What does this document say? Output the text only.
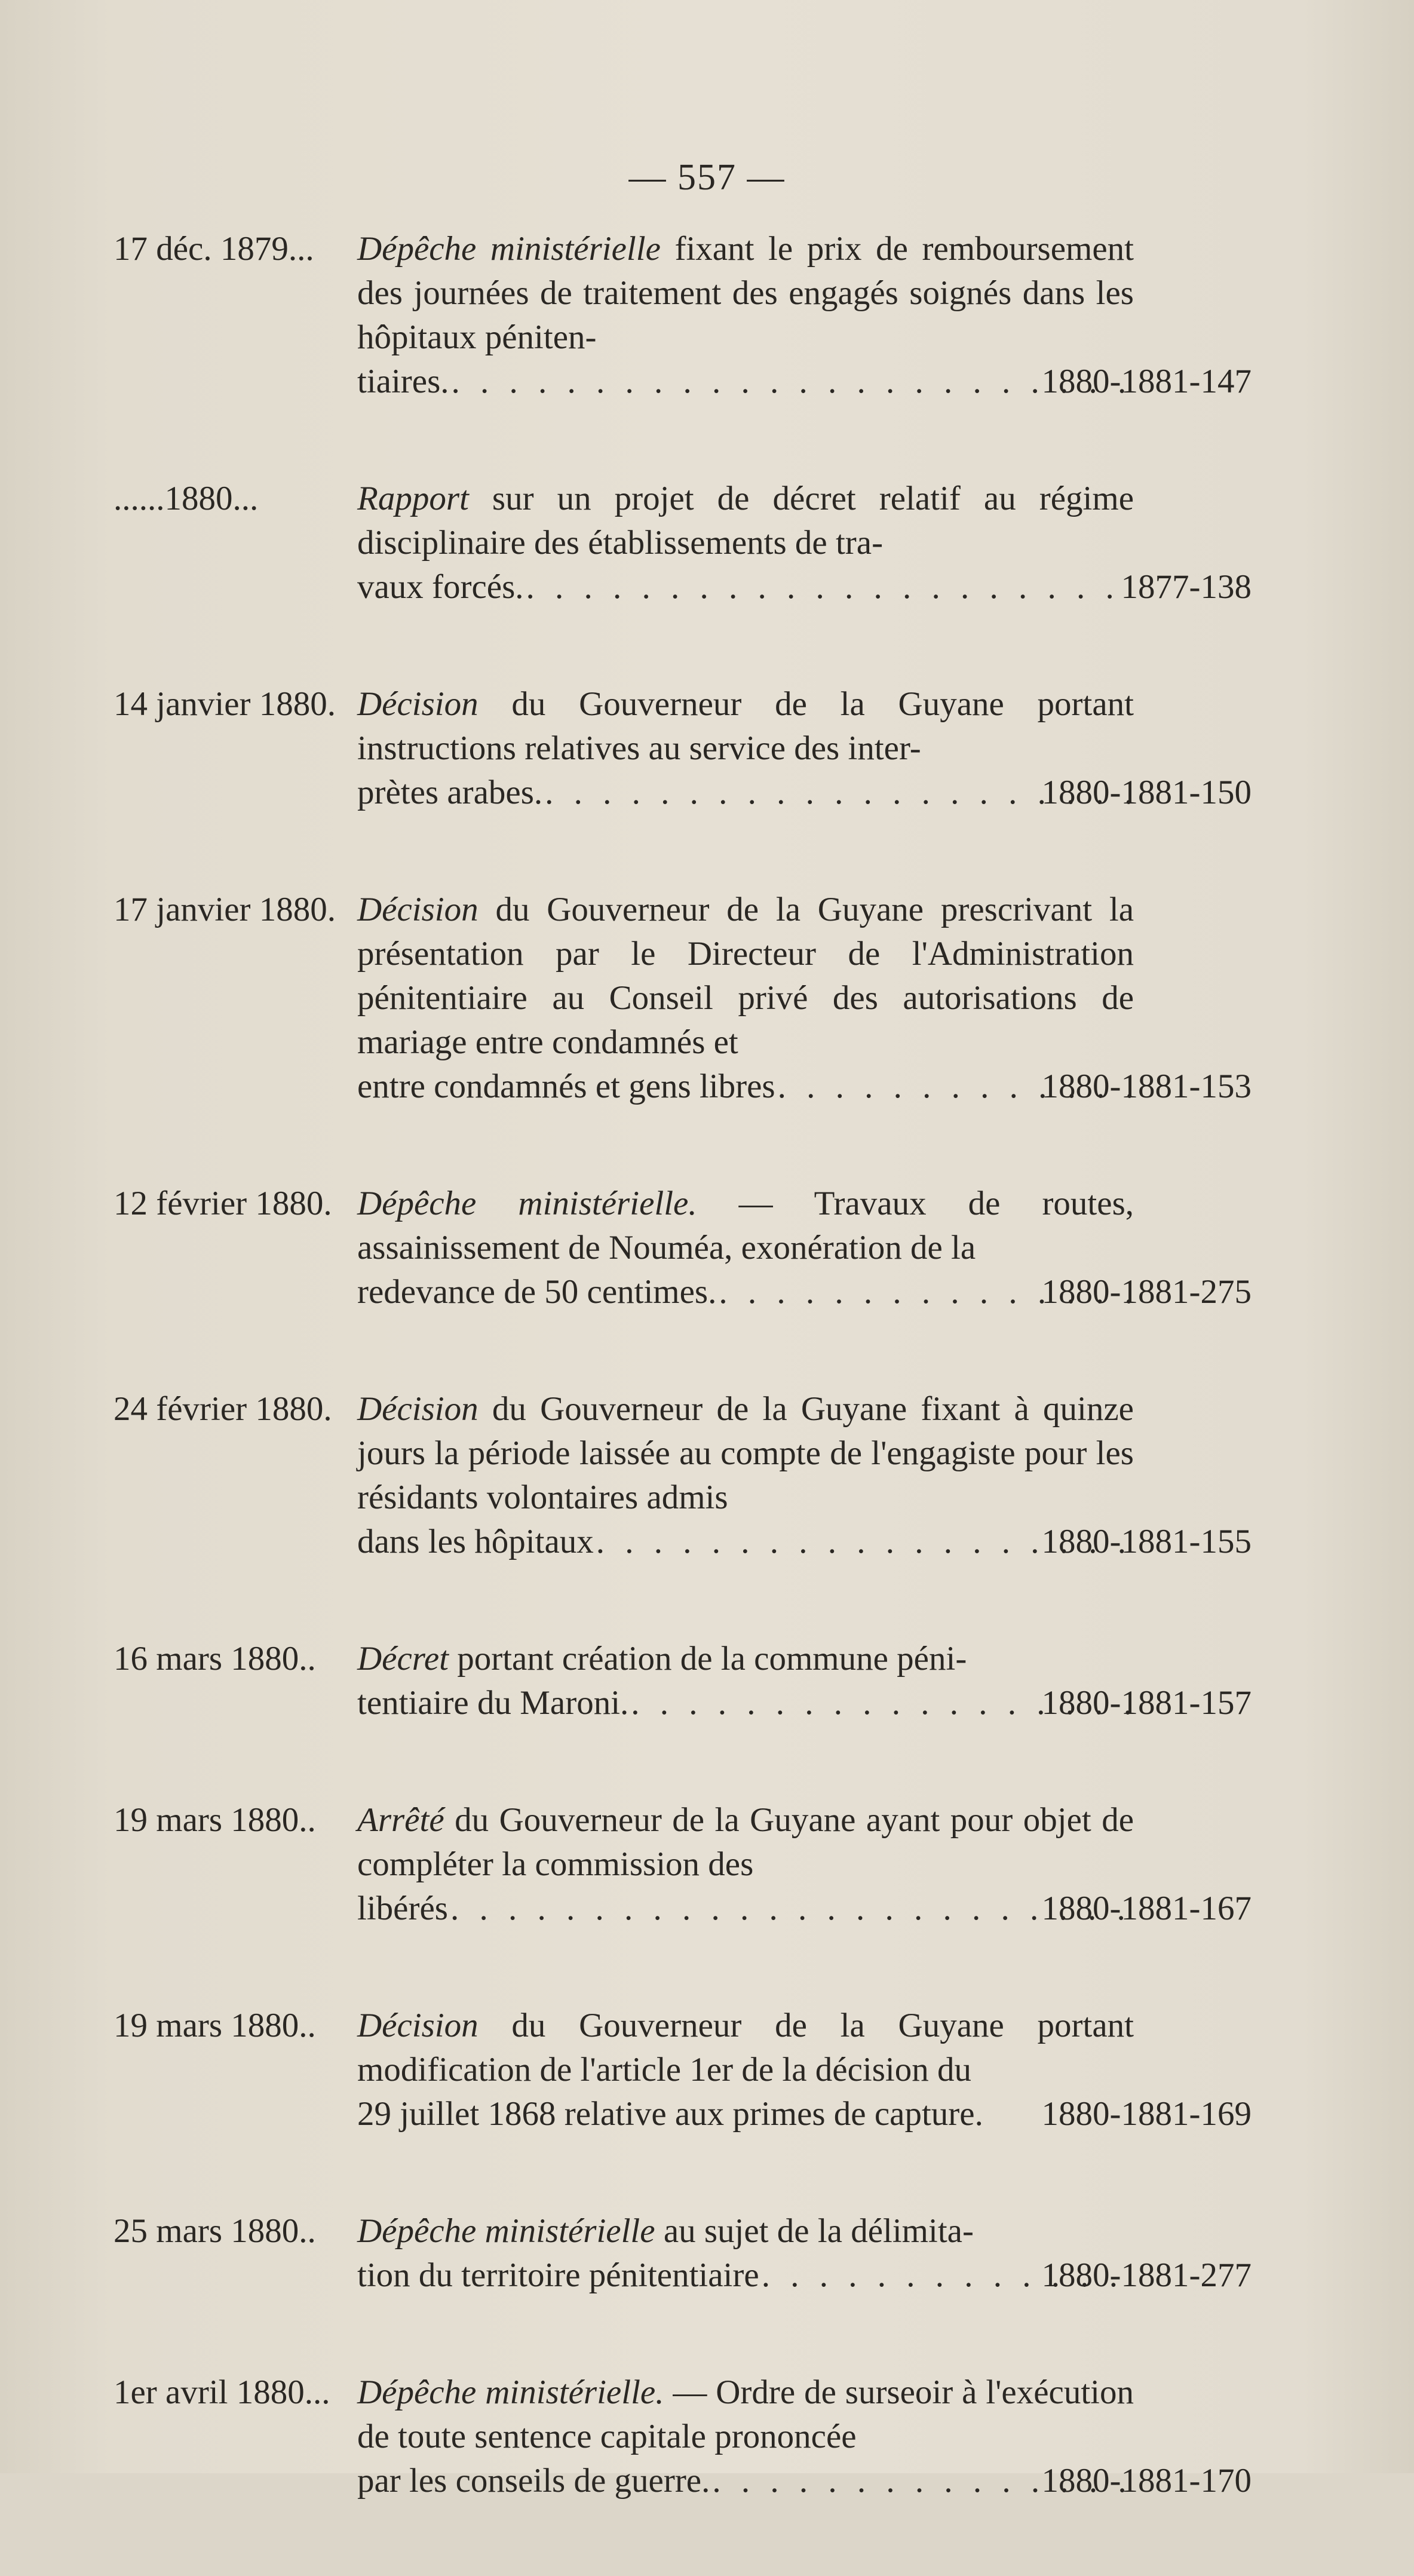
— 557 —
17 déc. 1879...	Dépêche ministérielle fixant le prix de remboursement des journées de traitement des engagés soignés dans les hôpitaux péniten-
tiaires. . . .	1880-1881-147
......1880...	Rapport sur un projet de décret relatif au régime disciplinaire des établissements de tra-
vaux forcés. . . .	1877-138
14 janvier 1880. Décision du Gouverneur de la Guyane portant instructions relatives au service des inter-
prètes arabes. . . .	1880-1881-150
17 janvier 1880. Décision du Gouverneur de la Guyane prescrivant la présentation par le Directeur de l'Administration pénitentiaire au Conseil privé des autorisations de mariage entre condamnés et
entre condamnés et gens libres . . .	1880-1881-153
12 février 1880. Dépêche ministérielle. — Travaux de routes, assainissement de Nouméa, exonération de la
redevance de 50 centimes. . . .	1880-1881-275
24 février 1880. Décision du Gouverneur de la Guyane fixant à quinze jours la période laissée au compte de l'engagiste pour les résidants volontaires admis
dans les hôpitaux . . .	1880-1881-155
16 mars 1880..	Décret portant création de la commune péni-
tentiaire du Maroni. . . .	1880-1881-157
19 mars 1880..	Arrêté du Gouverneur de la Guyane ayant pour objet de compléter la commission des
libérés . . .	1880-1881-167
19 mars 1880..	Décision du Gouverneur de la Guyane portant modification de l'article 1er de la décision du
29 juillet 1868 relative aux primes de capture. 1880-1881-169
25 mars 1880..	Dépêche ministérielle au sujet de la délimita-
tion du territoire pénitentiaire . . .	1880-1881-277
1er avril 1880... Dépêche ministérielle. — Ordre de surseoir à l'exécution de toute sentence capitale prononcée
par les conseils de guerre. . . .	1880-1881-170
